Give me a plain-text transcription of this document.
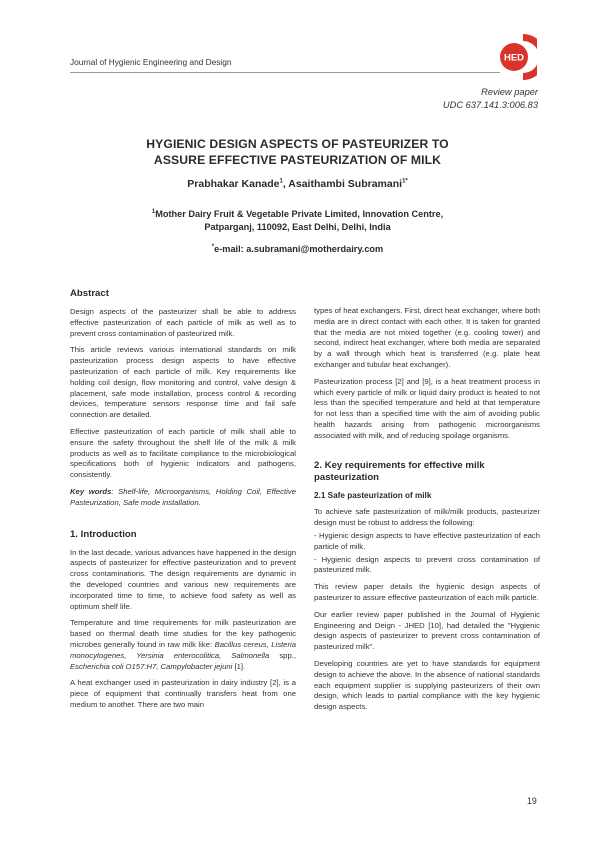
Journal of Hygienic Engineering and Design	HED
Review paper
UDC 637.141.3:006.83
HYGIENIC DESIGN ASPECTS OF PASTEURIZER TO
ASSURE EFFECTIVE PASTEURIZATION OF MILK
Prabhakar Kanade$^1$, Asaithambi Subramani$^{1*}$
$^1$Mother Dairy Fruit & Vegetable Private Limited, Innovation Centre,
Patparganj, 110092, East Delhi, Delhi, India
*e-mail: a.subramani@motherdairy.com
Abstract

Design aspects of the pasteurizer shall be able to address effective pasteurization of each particle of milk as well as to prevent cross contamination of pasteurized milk.

This article reviews various international standards on milk pasteurization process design aspects to have effective pasteurization of each particle of milk. Key requirements like holding coil design, flow monitoring and control, valve design & placement, safe mode installation, process control & recording devices, temperature sensors response time and fail safe connection are detailed.

Effective pasteurization of each particle of milk shall able to ensure the safety throughout the shelf life of the milk & milk products as well as to facilitate compliance to the microbiological specifications both of hygienic indicators and pathogens, consistently.

Key words: Shelf-life, Microorganisms, Holding Coil, Effective Pasteurization, Safe mode installation.

1. Introduction

In the last decade, various advances have happened in the design aspects of pasteurizer for effective pasteurization and to prevent cross contaminations. The design requirements are dynamic in the developed countries and various new requirements are incorporated time to time, to achieve food safety as well as optimum shelf life.

Temperature and time requirements for milk pasteurization are based on thermal death time studies for the key pathogenic microbes generally found in raw milk like: Bacillus cereus, Listeria monocytogenes, Yersinia enterocolitica, Salmonella spp., Escherichia coli O157:H7, Campylobacter jejuni [1].

A heat exchanger used in pasteurization in dairy industry [2], is a piece of equipment that continually transfers heat from one medium to another. There are two main

types of heat exchangers. First, direct heat exchanger, where both media are in direct contact with each other. It is taken for granted that the media are not mixed together (e.g. cooling tower) and second, indirect heat exchanger, where both media are separated by a wall through which heat is transferred (e.g. plate heat exchanger and tubular heat exchanger).

Pasteurization process [2] and [9], is a heat treatment process in which every particle of milk or liquid dairy product is heated to not less than the specified temperature and held at that temperature for not less than a specified time with the aim of avoiding public health hazards arising from pathogenic microorganisms associated with milk, and of reducing spoilage organisms.

2. Key requirements for effective milk pasteurization
2.1 Safe pasteurization of milk

To achieve safe pasteurization of milk/milk products, pasteurizer design must be robust to address the following:

- Hygienic design aspects to have effective pasteurization of each particle of milk.

- Hygienic design aspects to prevent cross contamination of pasteurized milk.

This review paper details the hygienic design aspects of pasteurizer to assure effective pasteurization of each milk particle.

Our earlier review paper published in the Journal of Hygienic Engineering and Deign - JHED [10], had detailed the "Hygienic design aspects of pasteurizer to prevent cross contamination of pasteurized milk".

Developing countries are yet to have standards for equipment design to achieve the above. In the absence of national standards each equipment supplier is supplying pasteurizers of their own design, which leads to partial compliance with the key hygienic design aspects.

19
